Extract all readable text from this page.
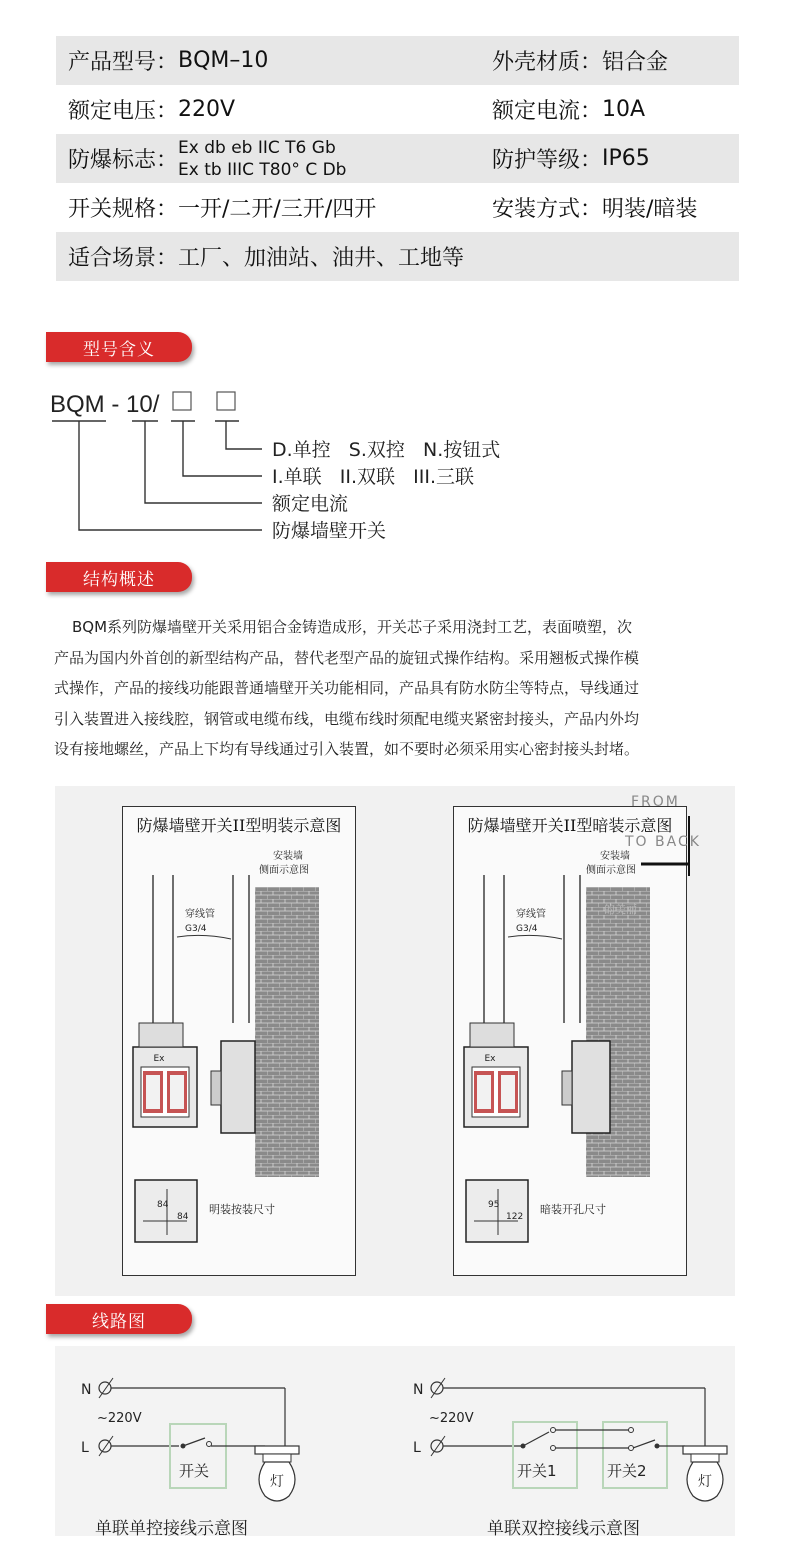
产品型号： BQM–10	外壳材质： 铝合金
额定电压： 220V	额定电流： 10A
防爆标志：
Ex db eb IIC T6 Gb
Ex tb IIIC T80° C Db	防护等级： IP65
开关规格： 一开/二开/三开/四开	安装方式： 明装/暗装
适合场景： 工厂、加油站、油井、工地等
型号含义
BQM - 10/
D.单控   S.双控   N.按钮式
I.单联   II.双联   III.三联
额定电流
防爆墙壁开关
结构概述
BQM系列防爆墙壁开关采用铝合金铸造成形，开关芯子采用浇封工艺，表面喷塑，次
产品为国内外首创的新型结构产品，替代老型产品的旋钮式操作结构。采用翘板式操作模
式操作，产品的接线功能跟普通墙壁开关功能相同，产品具有防水防尘等特点，导线通过
引入装置进入接线腔，钢管或电缆布线，电缆布线时须配电缆夹紧密封接头，产品内外均
设有接地螺丝，产品上下均有导线通过引入装置，如不要时必须采用实心密封接头封堵。
防爆墙壁开关II型明装示意图
安装墙
侧面示意图
穿线管
G3/4
Ex
84
84	明装按装尺寸
防爆墙壁开关II型暗装示意图
安装墙
侧面示意图
的美丽
穿线管
G3/4
Ex
122
95	暗装开孔尺寸
FROM
TO BACK
线路图
N
~220V
L
开关
灯
单联单控接线示意图
N
~220V
L
开关1	开关2
灯
单联双控接线示意图
